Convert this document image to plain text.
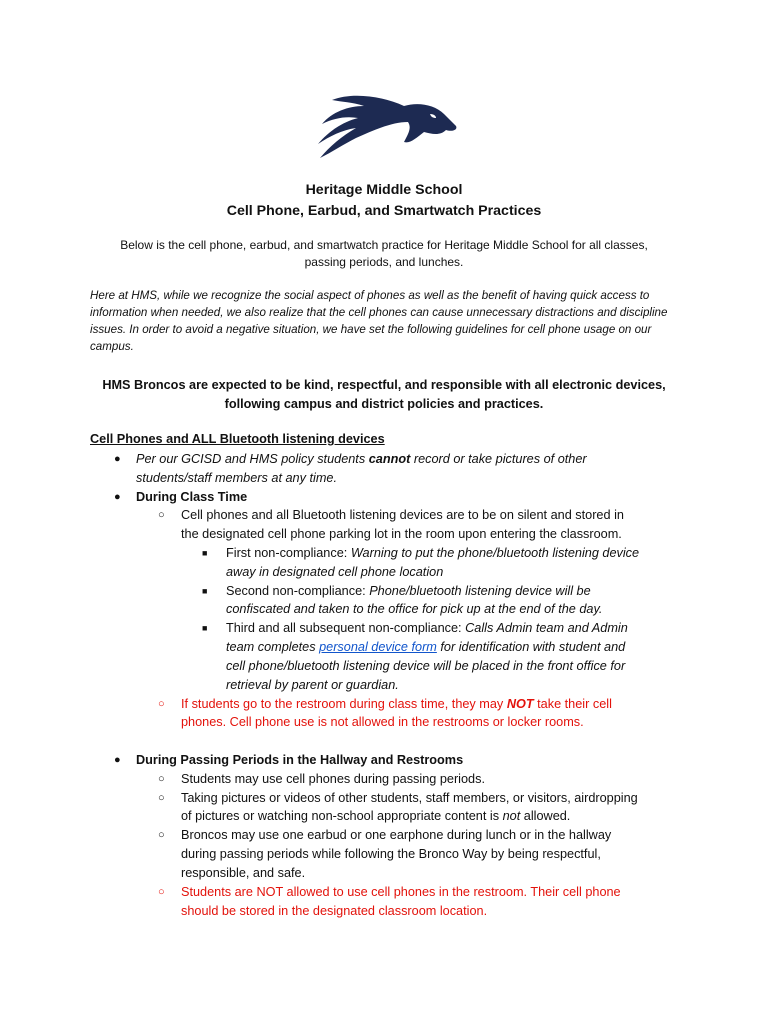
Heritage Middle School
Cell Phone, Earbud, and Smartwatch Practices
Below is the cell phone, earbud, and smartwatch practice for Heritage Middle School for all classes, passing periods, and lunches.
Here at HMS, while we recognize the social aspect of phones as well as the benefit of having quick access to information when needed, we also realize that the cell phones can cause unnecessary distractions and discipline issues. In order to avoid a negative situation, we have set the following guidelines for cell phone usage on our campus.
HMS Broncos are expected to be kind, respectful, and responsible with all electronic devices, following campus and district policies and practices.
Cell Phones and ALL Bluetooth listening devices
● Per our GCISD and HMS policy students cannot record or take pictures of other
students/staff members at any time.
● During Class Time
○ Cell phones and all Bluetooth listening devices are to be on silent and stored in
the designated cell phone parking lot in the room upon entering the classroom.
■ First non-compliance: Warning to put the phone/bluetooth listening device
away in designated cell phone location
■ Second non-compliance: Phone/bluetooth listening device will be
confiscated and taken to the office for pick up at the end of the day.
■ Third and all subsequent non-compliance: Calls Admin team and Admin
team completes personal device form for identification with student and
cell phone/bluetooth listening device will be placed in the front office for
retrieval by parent or guardian.
○ If students go to the restroom during class time, they may NOT take their cell
phones. Cell phone use is not allowed in the restrooms or locker rooms.
● During Passing Periods in the Hallway and Restrooms
○ Students may use cell phones during passing periods.
○ Taking pictures or videos of other students, staff members, or visitors, airdropping
of pictures or watching non-school appropriate content is not allowed.
○ Broncos may use one earbud or one earphone during lunch or in the hallway
during passing periods while following the Bronco Way by being respectful,
responsible, and safe.
○ Students are NOT allowed to use cell phones in the restroom. Their cell phone
should be stored in the designated classroom location.
